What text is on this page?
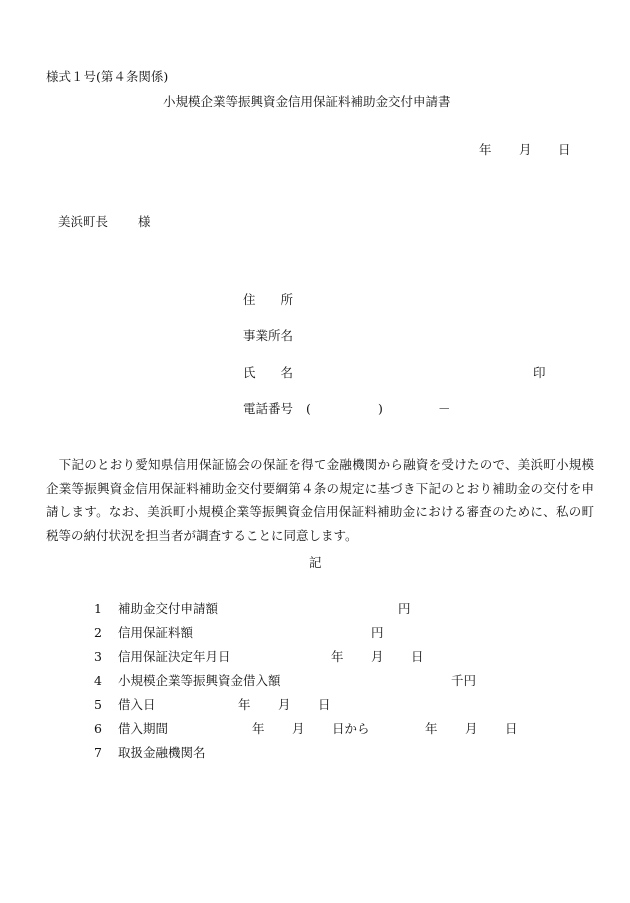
様式１号(第４条関係)
小規模企業等振興資金信用保証料補助金交付申請書
年 月 日
美浜町長 様
住　　所
事業所名
氏　　名	印
電話番号 (	)	－
　下記のとおり愛知県信用保証協会の保証を得て金融機関から融資を受けたので、美浜町小規模企業等振興資金信用保証料補助金交付要綱第４条の規定に基づき下記のとおり補助金の交付を申請します。なお、美浜町小規模企業等振興資金信用保証料補助金における審査のために、私の町税等の納付状況を担当者が調査することに同意します。
記
1 補助金交付申請額	円
2 信用保証料額	円
3 信用保証決定年月日	年 月 日
4 小規模企業等振興資金借入額	千円
5 借入日	年 月 日
6 借入期間	年 月 日から	年 月 日
7 取扱金融機関名
